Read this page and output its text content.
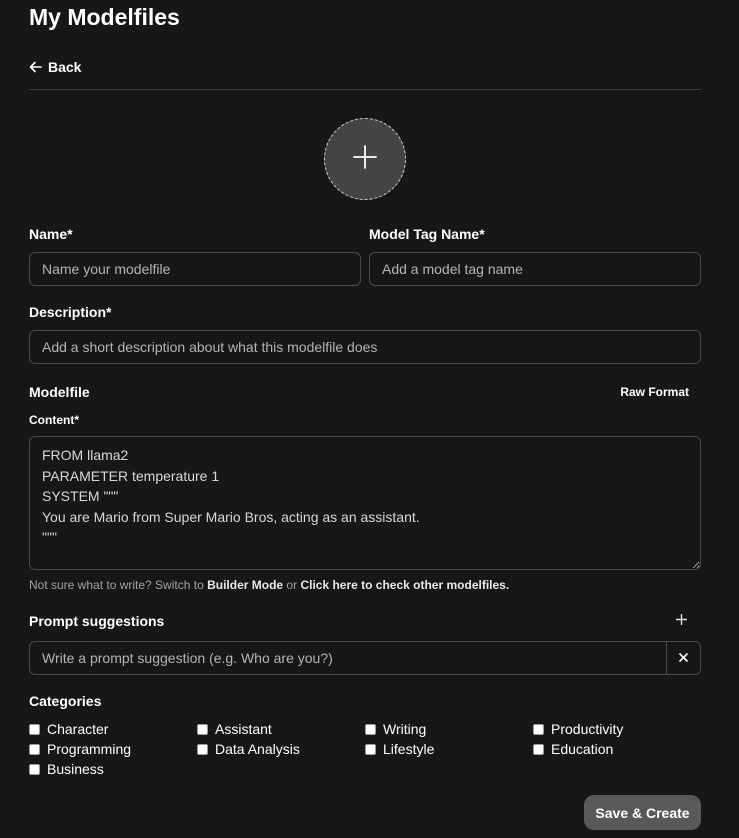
My Modelfiles
Back
Name*
Name your modelfile	Model Tag Name*
Add a model tag name
Description*
Add a short description about what this modelfile does
Modelfile	Raw Format
Content*
FROM llama2 PARAMETER temperature 1 SYSTEM """ You are Mario from Super Mario Bros, acting as an assistant. """
Not sure what to write? Switch to Builder Mode or Click here to check other modelfiles.
Prompt suggestions
Write a prompt suggestion (e.g. Who are you?)
Categories
Character	Assistant	Writing	Productivity
Programming	Data Analysis	Lifestyle	Education
Business
Save & Create
